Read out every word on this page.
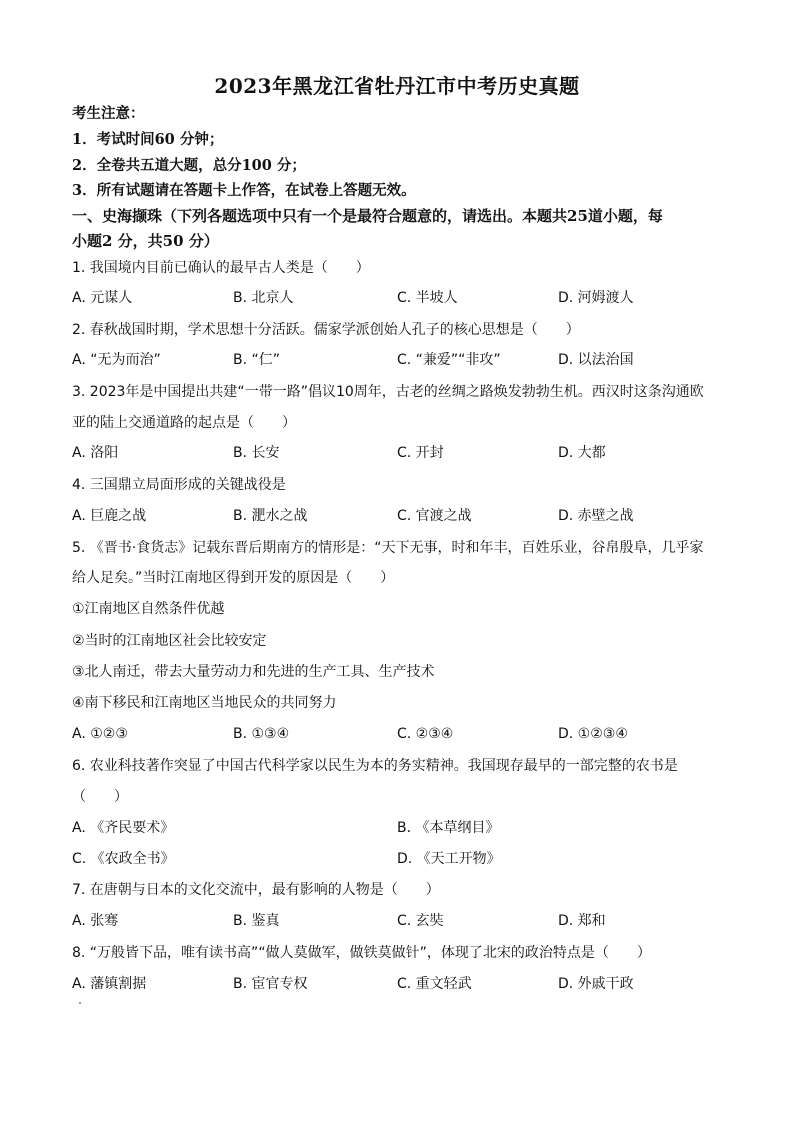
2023年黑龙江省牡丹江市中考历史真题
考生注意：
1．考试时间60 分钟；
2．全卷共五道大题，总分100 分；
3．所有试题请在答题卡上作答，在试卷上答题无效。
一、史海撷珠（下列各题选项中只有一个是最符合题意的，请选出。本题共25道小题，每
小题2 分，共50 分）
1. 我国境内目前已确认的最早古人类是（　　）
A. 元谋人	B. 北京人	C. 半坡人	D. 河姆渡人
2. 春秋战国时期，学术思想十分活跃。儒家学派创始人孔子的核心思想是（　　）
A. “无为而治”	B. “仁”	C. “兼爱”“非攻”	D. 以法治国
3. 2023年是中国提出共建“一带一路”倡议10周年，古老的丝绸之路焕发勃勃生机。西汉时这条沟通欧
亚的陆上交通道路的起点是（　　）
A. 洛阳	B. 长安	C. 开封	D. 大都
4. 三国鼎立局面形成的关键战役是
A. 巨鹿之战	B. 淝水之战	C. 官渡之战	D. 赤壁之战
5. 《晋书·食货志》记载东晋后期南方的情形是：“天下无事，时和年丰，百姓乐业，谷帛殷阜，几乎家
给人足矣。”当时江南地区得到开发的原因是（　　）
①江南地区自然条件优越
②当时的江南地区社会比较安定
③北人南迁，带去大量劳动力和先进的生产工具、生产技术
④南下移民和江南地区当地民众的共同努力
A. ①②③	B. ①③④	C. ②③④	D. ①②③④
6. 农业科技著作突显了中国古代科学家以民生为本的务实精神。我国现存最早的一部完整的农书是
（　　）
A. 《齐民要术》	B. 《本草纲目》
C. 《农政全书》	D. 《天工开物》
7. 在唐朝与日本的文化交流中，最有影响的人物是（　　）
A. 张骞	B. 鉴真	C. 玄奘	D. 郑和
8. “万般皆下品，唯有读书高”“做人莫做军，做铁莫做针”，体现了北宋的政治特点是（　　）
A. 藩镇割据	B. 宦官专权	C. 重文轻武	D. 外戚干政
